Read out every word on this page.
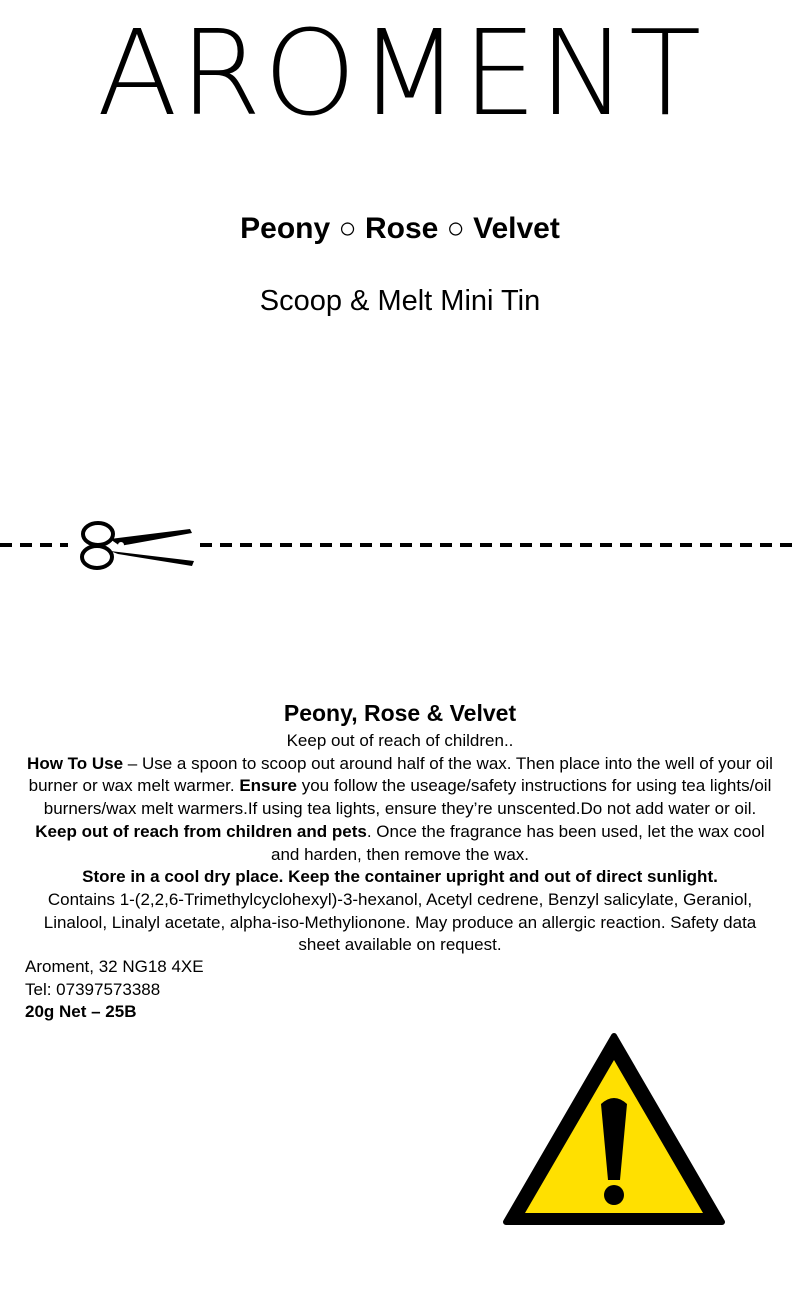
AROMENT
Peony ○ Rose ○ Velvet
Scoop & Melt Mini Tin
Peony, Rose & Velvet

Keep out of reach of children..

How To Use – Use a spoon to scoop out around half of the wax. Then place into the well of your oil burner or wax melt warmer. Ensure you follow the useage/safety instructions for using tea lights/oil burners/wax melt warmers.If using tea lights, ensure they’re unscented.Do not add water or oil. Keep out of reach from children and pets. Once the fragrance has been used, let the wax cool and harden, then remove the wax.

Store in a cool dry place. Keep the container upright and out of direct sunlight.

Contains 1-(2,2,6-Trimethylcyclohexyl)-3-hexanol, Acetyl cedrene, Benzyl salicylate, Geraniol, Linalool, Linalyl acetate, alpha-iso-Methylionone. May produce an allergic reaction. Safety data sheet available on request.

Aroment, 32 NG18 4XE
Tel: 07397573388
20g Net – 25B
